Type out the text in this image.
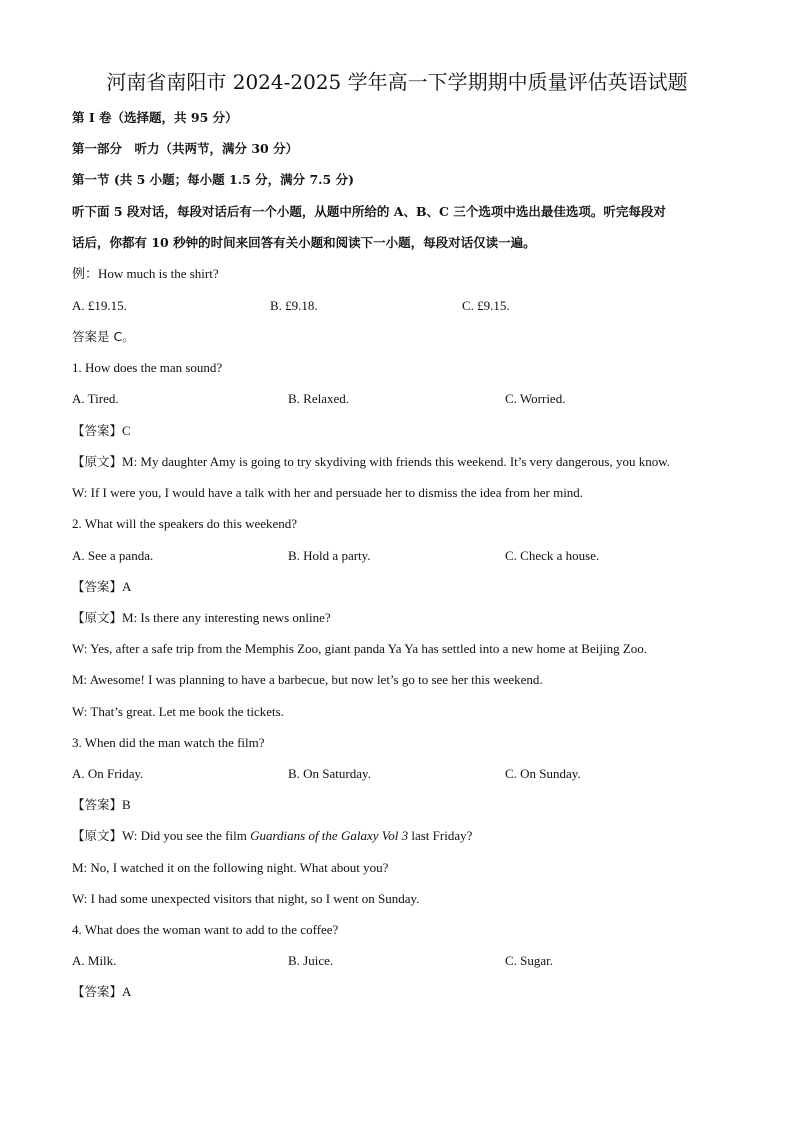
河南省南阳市 2024-2025 学年高一下学期期中质量评估英语试题
第 I 卷（选择题，共 95 分）
第一部分　听力（共两节，满分 30 分）
第一节 (共 5 小题；每小题 1.5 分，满分 7.5 分)
听下面 5 段对话，每段对话后有一个小题，从题中所给的 A、B、C 三个选项中选出最佳选项。听完每段对
话后，你都有 10 秒钟的时间来回答有关小题和阅读下一小题，每段对话仅读一遍。
例：How much is the shirt?
A. £19.15.	B. £9.18.	C. £9.15.
答案是 C。
1. How does the man sound?
A. Tired.	B. Relaxed.	C. Worried.
【答案】C
【原文】M: My daughter Amy is going to try skydiving with friends this weekend. It’s very dangerous, you know.
W: If I were you, I would have a talk with her and persuade her to dismiss the idea from her mind.
2. What will the speakers do this weekend?
A. See a panda.	B. Hold a party.	C. Check a house.
【答案】A
【原文】M: Is there any interesting news online?
W: Yes, after a safe trip from the Memphis Zoo, giant panda Ya Ya has settled into a new home at Beijing Zoo.
M: Awesome! I was planning to have a barbecue, but now let’s go to see her this weekend.
W: That’s great. Let me book the tickets.
3. When did the man watch the film?
A. On Friday.	B. On Saturday.	C. On Sunday.
【答案】B
【原文】W: Did you see the film Guardians of the Galaxy Vol 3 last Friday?
M: No, I watched it on the following night. What about you?
W: I had some unexpected visitors that night, so I went on Sunday.
4. What does the woman want to add to the coffee?
A. Milk.	B. Juice.	C. Sugar.
【答案】A
